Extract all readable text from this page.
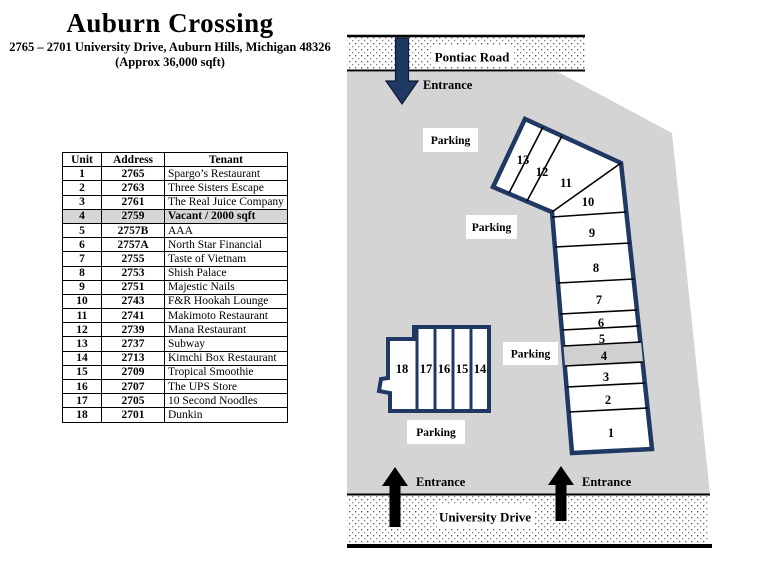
Auburn Crossing
2765 – 2701 University Drive, Auburn Hills, Michigan 48326
(Approx 36,000 sqft)
Unit	Address	Tenant
1	2765	Spargo’s Restaurant
2	2763	Three Sisters Escape
3	2761	The Real Juice Company
4	2759	Vacant / 2000 sqft
5	2757B	AAA
6	2757A	North Star Financial
7	2755	Taste of Vietnam
8	2753	Shish Palace
9	2751	Majestic Nails
10	2743	F&R Hookah Lounge
11	2741	Makimoto Restaurant
12	2739	Mana Restaurant
13	2737	Subway
14	2713	Kimchi Box Restaurant
15	2709	Tropical Smoothie
16	2707	The UPS Store
17	2705	10 Second Noodles
18	2701	Dunkin
Pontiac Road
University Drive
Parking
Parking
Parking
Parking
13
12
11
10
9
8
7
6
5
4
3
2
1
18 17 16 15 14
Entrance
Entrance	Entrance
